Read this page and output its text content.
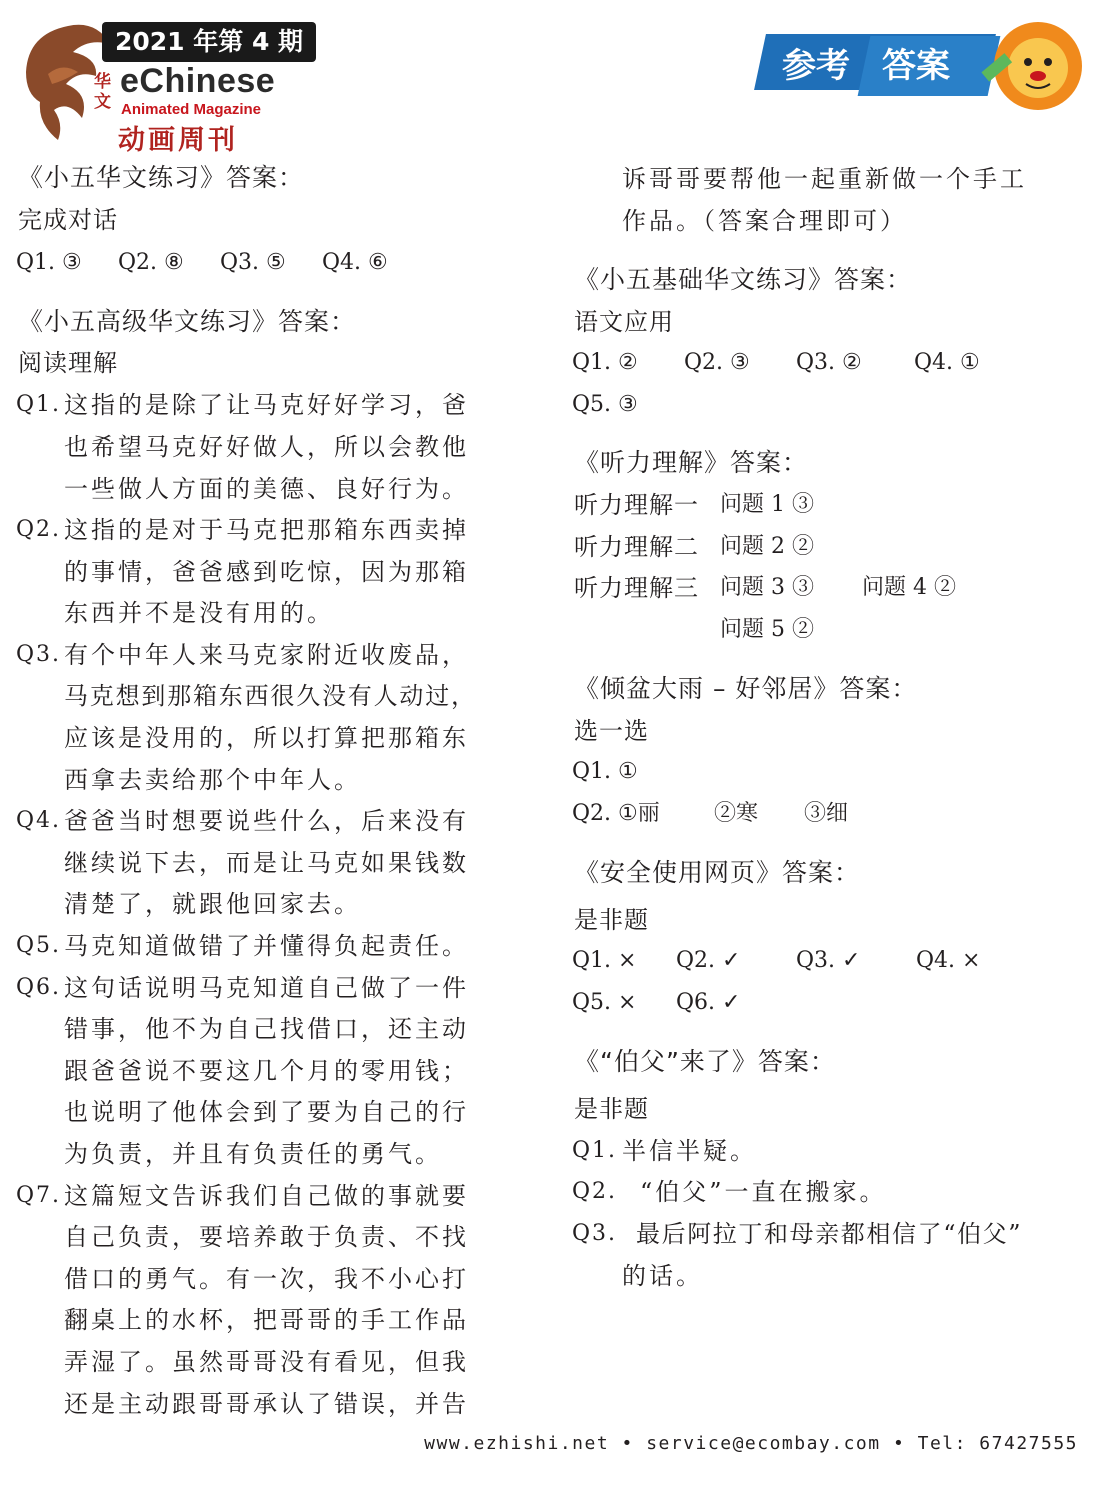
2021 年第 4 期
华文
eChinese
Animated Magazine
动画周刊
参考 答案
《小五华文练习》答案：
完成对话
Q1. ③ Q2. ⑧ Q3. ⑤ Q4. ⑥
《小五高级华文练习》答案：
阅读理解
Q1.
Q2.
Q3.
Q4.
Q5.
Q6.
Q7.
这指的是除了让马克好好学习，爸
也希望马克好好做人，所以会教他
一些做人方面的美德、良好行为。
这指的是对于马克把那箱东西卖掉
的事情，爸爸感到吃惊，因为那箱
东西并不是没有用的。
有个中年人来马克家附近收废品，
马克想到那箱东西很久没有人动过，
应该是没用的，所以打算把那箱东
西拿去卖给那个中年人。
爸爸当时想要说些什么，后来没有
继续说下去，而是让马克如果钱数
清楚了，就跟他回家去。
马克知道做错了并懂得负起责任。
这句话说明马克知道自己做了一件
错事，他不为自己找借口，还主动
跟爸爸说不要这几个月的零用钱；
也说明了他体会到了要为自己的行
为负责，并且有负责任的勇气。
这篇短文告诉我们自己做的事就要
自己负责，要培养敢于负责、不找
借口的勇气。有一次，我不小心打
翻桌上的水杯，把哥哥的手工作品
弄湿了。虽然哥哥没有看见，但我
还是主动跟哥哥承认了错误，并告
诉哥哥要帮他一起重新做一个手工
作品。（答案合理即可）
《小五基础华文练习》答案：
语文应用
Q1. ② Q2. ③ Q3. ② Q4. ①
Q5. ③
《听力理解》答案：
听力理解一 问题 1 ③
听力理解二 问题 2 ②
听力理解三 问题 3 ③ 问题 4 ②
问题 5 ②
《倾盆大雨 – 好邻居》答案：
选一选
Q1. ①
Q2. ①丽 ②寒 ③细
《安全使用网页》答案：
是非题
Q1. × Q2. ✓	Q3. ✓	Q4. ×
Q5. × Q6. ✓
《“伯父”来了》答案：
是非题
Q1.
Q2.
Q3.
半信半疑。
“伯父”一直在搬家。
最后阿拉丁和母亲都相信了“伯父”
的话。
www.ezhishi.net • service@ecombay.com • Tel: 67427555
